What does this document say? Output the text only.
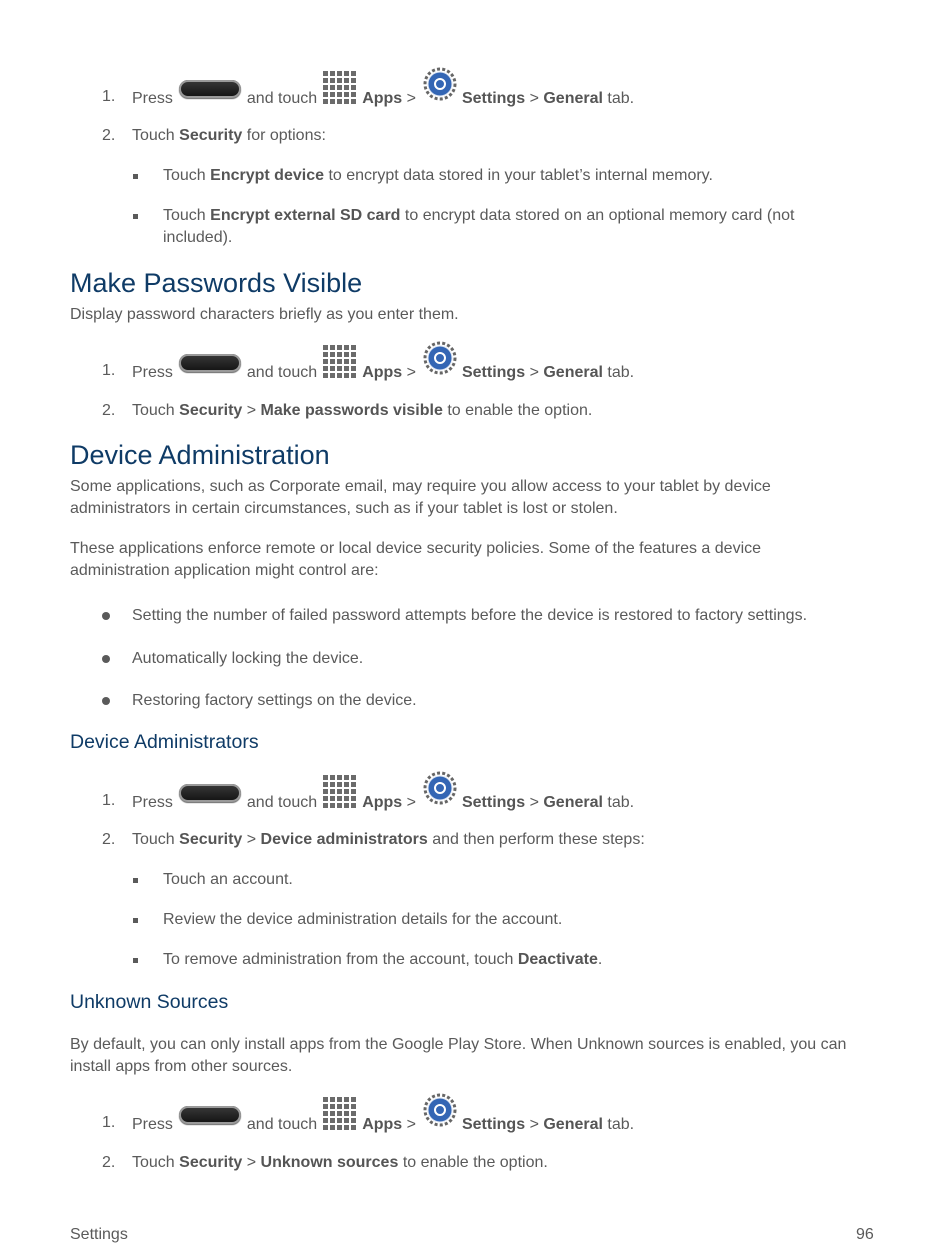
1. Press	and touch	Apps
>	Settings
>
General
tab.
2. Touch Security for options:
Touch Encrypt device to encrypt data stored in your tablet’s internal memory.
Touch Encrypt external SD card to encrypt data stored on an optional memory card (not included).
Make Passwords Visible
Display password characters briefly as you enter them.
1. Press	and touch	Apps
>	Settings
>
General
tab.
2. Touch Security > Make passwords visible to enable the option.
Device Administration
Some applications, such as Corporate email, may require you allow access to your tablet by device administrators in certain circumstances, such as if your tablet is lost or stolen.
These applications enforce remote or local device security policies. Some of the features a device administration application might control are:
Setting the number of failed password attempts before the device is restored to factory settings.
Automatically locking the device.
Restoring factory settings on the device.
Device Administrators
1. Press	and touch	Apps
>	Settings
>
General
tab.
2. Touch Security > Device administrators and then perform these steps:
Touch an account.
Review the device administration details for the account.
To remove administration from the account, touch Deactivate.
Unknown Sources
By default, you can only install apps from the Google Play Store. When Unknown sources is enabled, you can install apps from other sources.
1. Press	and touch	Apps
>	Settings
>
General
tab.
2. Touch Security > Unknown sources to enable the option.
Settings	96
